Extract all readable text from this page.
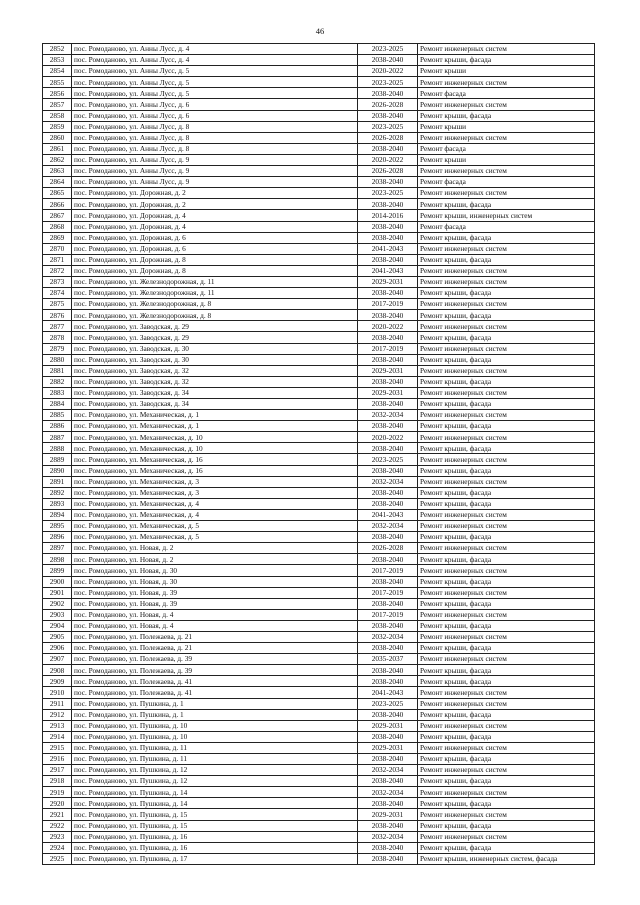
46
2852	пос. Ромоданово, ул. Анны Лусс, д. 4	2023-2025	Ремонт инженерных систем
2853	пос. Ромоданово, ул. Анны Лусс, д. 4	2038-2040	Ремонт крыши, фасада
2854	пос. Ромоданово, ул. Анны Лусс, д. 5	2020-2022	Ремонт крыши
2855	пос. Ромоданово, ул. Анны Лусс, д. 5	2023-2025	Ремонт инженерных систем
2856	пос. Ромоданово, ул. Анны Лусс, д. 5	2038-2040	Ремонт фасада
2857	пос. Ромоданово, ул. Анны Лусс, д. 6	2026-2028	Ремонт инженерных систем
2858	пос. Ромоданово, ул. Анны Лусс, д. 6	2038-2040	Ремонт крыши, фасада
2859	пос. Ромоданово, ул. Анны Лусс, д. 8	2023-2025	Ремонт крыши
2860	пос. Ромоданово, ул. Анны Лусс, д. 8	2026-2028	Ремонт инженерных систем
2861	пос. Ромоданово, ул. Анны Лусс, д. 8	2038-2040	Ремонт фасада
2862	пос. Ромоданово, ул. Анны Лусс, д. 9	2020-2022	Ремонт крыши
2863	пос. Ромоданово, ул. Анны Лусс, д. 9	2026-2028	Ремонт инженерных систем
2864	пос. Ромоданово, ул. Анны Лусс, д. 9	2038-2040	Ремонт фасада
2865	пос. Ромоданово, ул. Дорожная, д. 2	2023-2025	Ремонт инженерных систем
2866	пос. Ромоданово, ул. Дорожная, д. 2	2038-2040	Ремонт крыши, фасада
2867	пос. Ромоданово, ул. Дорожная, д. 4	2014-2016	Ремонт крыши, инженерных систем
2868	пос. Ромоданово, ул. Дорожная, д. 4	2038-2040	Ремонт фасада
2869	пос. Ромоданово, ул. Дорожная, д. 6	2038-2040	Ремонт крыши, фасада
2870	пос. Ромоданово, ул. Дорожная, д. 6	2041-2043	Ремонт инженерных систем
2871	пос. Ромоданово, ул. Дорожная, д. 8	2038-2040	Ремонт крыши, фасада
2872	пос. Ромоданово, ул. Дорожная, д. 8	2041-2043	Ремонт инженерных систем
2873	пос. Ромоданово, ул. Железнодорожная, д. 11	2029-2031	Ремонт инженерных систем
2874	пос. Ромоданово, ул. Железнодорожная, д. 11	2038-2040	Ремонт крыши, фасада
2875	пос. Ромоданово, ул. Железнодорожная, д. 8	2017-2019	Ремонт инженерных систем
2876	пос. Ромоданово, ул. Железнодорожная, д. 8	2038-2040	Ремонт крыши, фасада
2877	пос. Ромоданово, ул. Заводская, д. 29	2020-2022	Ремонт инженерных систем
2878	пос. Ромоданово, ул. Заводская, д. 29	2038-2040	Ремонт крыши, фасада
2879	пос. Ромоданово, ул. Заводская, д. 30	2017-2019	Ремонт инженерных систем
2880	пос. Ромоданово, ул. Заводская, д. 30	2038-2040	Ремонт крыши, фасада
2881	пос. Ромоданово, ул. Заводская, д. 32	2029-2031	Ремонт инженерных систем
2882	пос. Ромоданово, ул. Заводская, д. 32	2038-2040	Ремонт крыши, фасада
2883	пос. Ромоданово, ул. Заводская, д. 34	2029-2031	Ремонт инженерных систем
2884	пос. Ромоданово, ул. Заводская, д. 34	2038-2040	Ремонт крыши, фасада
2885	пос. Ромоданово, ул. Механическая, д. 1	2032-2034	Ремонт инженерных систем
2886	пос. Ромоданово, ул. Механическая, д. 1	2038-2040	Ремонт крыши, фасада
2887	пос. Ромоданово, ул. Механическая, д. 10	2020-2022	Ремонт инженерных систем
2888	пос. Ромоданово, ул. Механическая, д. 10	2038-2040	Ремонт крыши, фасада
2889	пос. Ромоданово, ул. Механическая, д. 16	2023-2025	Ремонт инженерных систем
2890	пос. Ромоданово, ул. Механическая, д. 16	2038-2040	Ремонт крыши, фасада
2891	пос. Ромоданово, ул. Механическая, д. 3	2032-2034	Ремонт инженерных систем
2892	пос. Ромоданово, ул. Механическая, д. 3	2038-2040	Ремонт крыши, фасада
2893	пос. Ромоданово, ул. Механическая, д. 4	2038-2040	Ремонт крыши, фасада
2894	пос. Ромоданово, ул. Механическая, д. 4	2041-2043	Ремонт инженерных систем
2895	пос. Ромоданово, ул. Механическая, д. 5	2032-2034	Ремонт инженерных систем
2896	пос. Ромоданово, ул. Механическая, д. 5	2038-2040	Ремонт крыши, фасада
2897	пос. Ромоданово, ул. Новая, д. 2	2026-2028	Ремонт инженерных систем
2898	пос. Ромоданово, ул. Новая, д. 2	2038-2040	Ремонт крыши, фасада
2899	пос. Ромоданово, ул. Новая, д. 30	2017-2019	Ремонт инженерных систем
2900	пос. Ромоданово, ул. Новая, д. 30	2038-2040	Ремонт крыши, фасада
2901	пос. Ромоданово, ул. Новая, д. 39	2017-2019	Ремонт инженерных систем
2902	пос. Ромоданово, ул. Новая, д. 39	2038-2040	Ремонт крыши, фасада
2903	пос. Ромоданово, ул. Новая, д. 4	2017-2019	Ремонт инженерных систем
2904	пос. Ромоданово, ул. Новая, д. 4	2038-2040	Ремонт крыши, фасада
2905	пос. Ромоданово, ул. Полежаева, д. 21	2032-2034	Ремонт инженерных систем
2906	пос. Ромоданово, ул. Полежаева, д. 21	2038-2040	Ремонт крыши, фасада
2907	пос. Ромоданово, ул. Полежаева, д. 39	2035-2037	Ремонт инженерных систем
2908	пос. Ромоданово, ул. Полежаева, д. 39	2038-2040	Ремонт крыши, фасада
2909	пос. Ромоданово, ул. Полежаева, д. 41	2038-2040	Ремонт крыши, фасада
2910	пос. Ромоданово, ул. Полежаева, д. 41	2041-2043	Ремонт инженерных систем
2911	пос. Ромоданово, ул. Пушкина, д. 1	2023-2025	Ремонт инженерных систем
2912	пос. Ромоданово, ул. Пушкина, д. 1	2038-2040	Ремонт крыши, фасада
2913	пос. Ромоданово, ул. Пушкина, д. 10	2029-2031	Ремонт инженерных систем
2914	пос. Ромоданово, ул. Пушкина, д. 10	2038-2040	Ремонт крыши, фасада
2915	пос. Ромоданово, ул. Пушкина, д. 11	2029-2031	Ремонт инженерных систем
2916	пос. Ромоданово, ул. Пушкина, д. 11	2038-2040	Ремонт крыши, фасада
2917	пос. Ромоданово, ул. Пушкина, д. 12	2032-2034	Ремонт инженерных систем
2918	пос. Ромоданово, ул. Пушкина, д. 12	2038-2040	Ремонт крыши, фасада
2919	пос. Ромоданово, ул. Пушкина, д. 14	2032-2034	Ремонт инженерных систем
2920	пос. Ромоданово, ул. Пушкина, д. 14	2038-2040	Ремонт крыши, фасада
2921	пос. Ромоданово, ул. Пушкина, д. 15	2029-2031	Ремонт инженерных систем
2922	пос. Ромоданово, ул. Пушкина, д. 15	2038-2040	Ремонт крыши, фасада
2923	пос. Ромоданово, ул. Пушкина, д. 16	2032-2034	Ремонт инженерных систем
2924	пос. Ромоданово, ул. Пушкина, д. 16	2038-2040	Ремонт крыши, фасада
2925	пос. Ромоданово, ул. Пушкина, д. 17	2038-2040	Ремонт крыши, инженерных систем, фасада
